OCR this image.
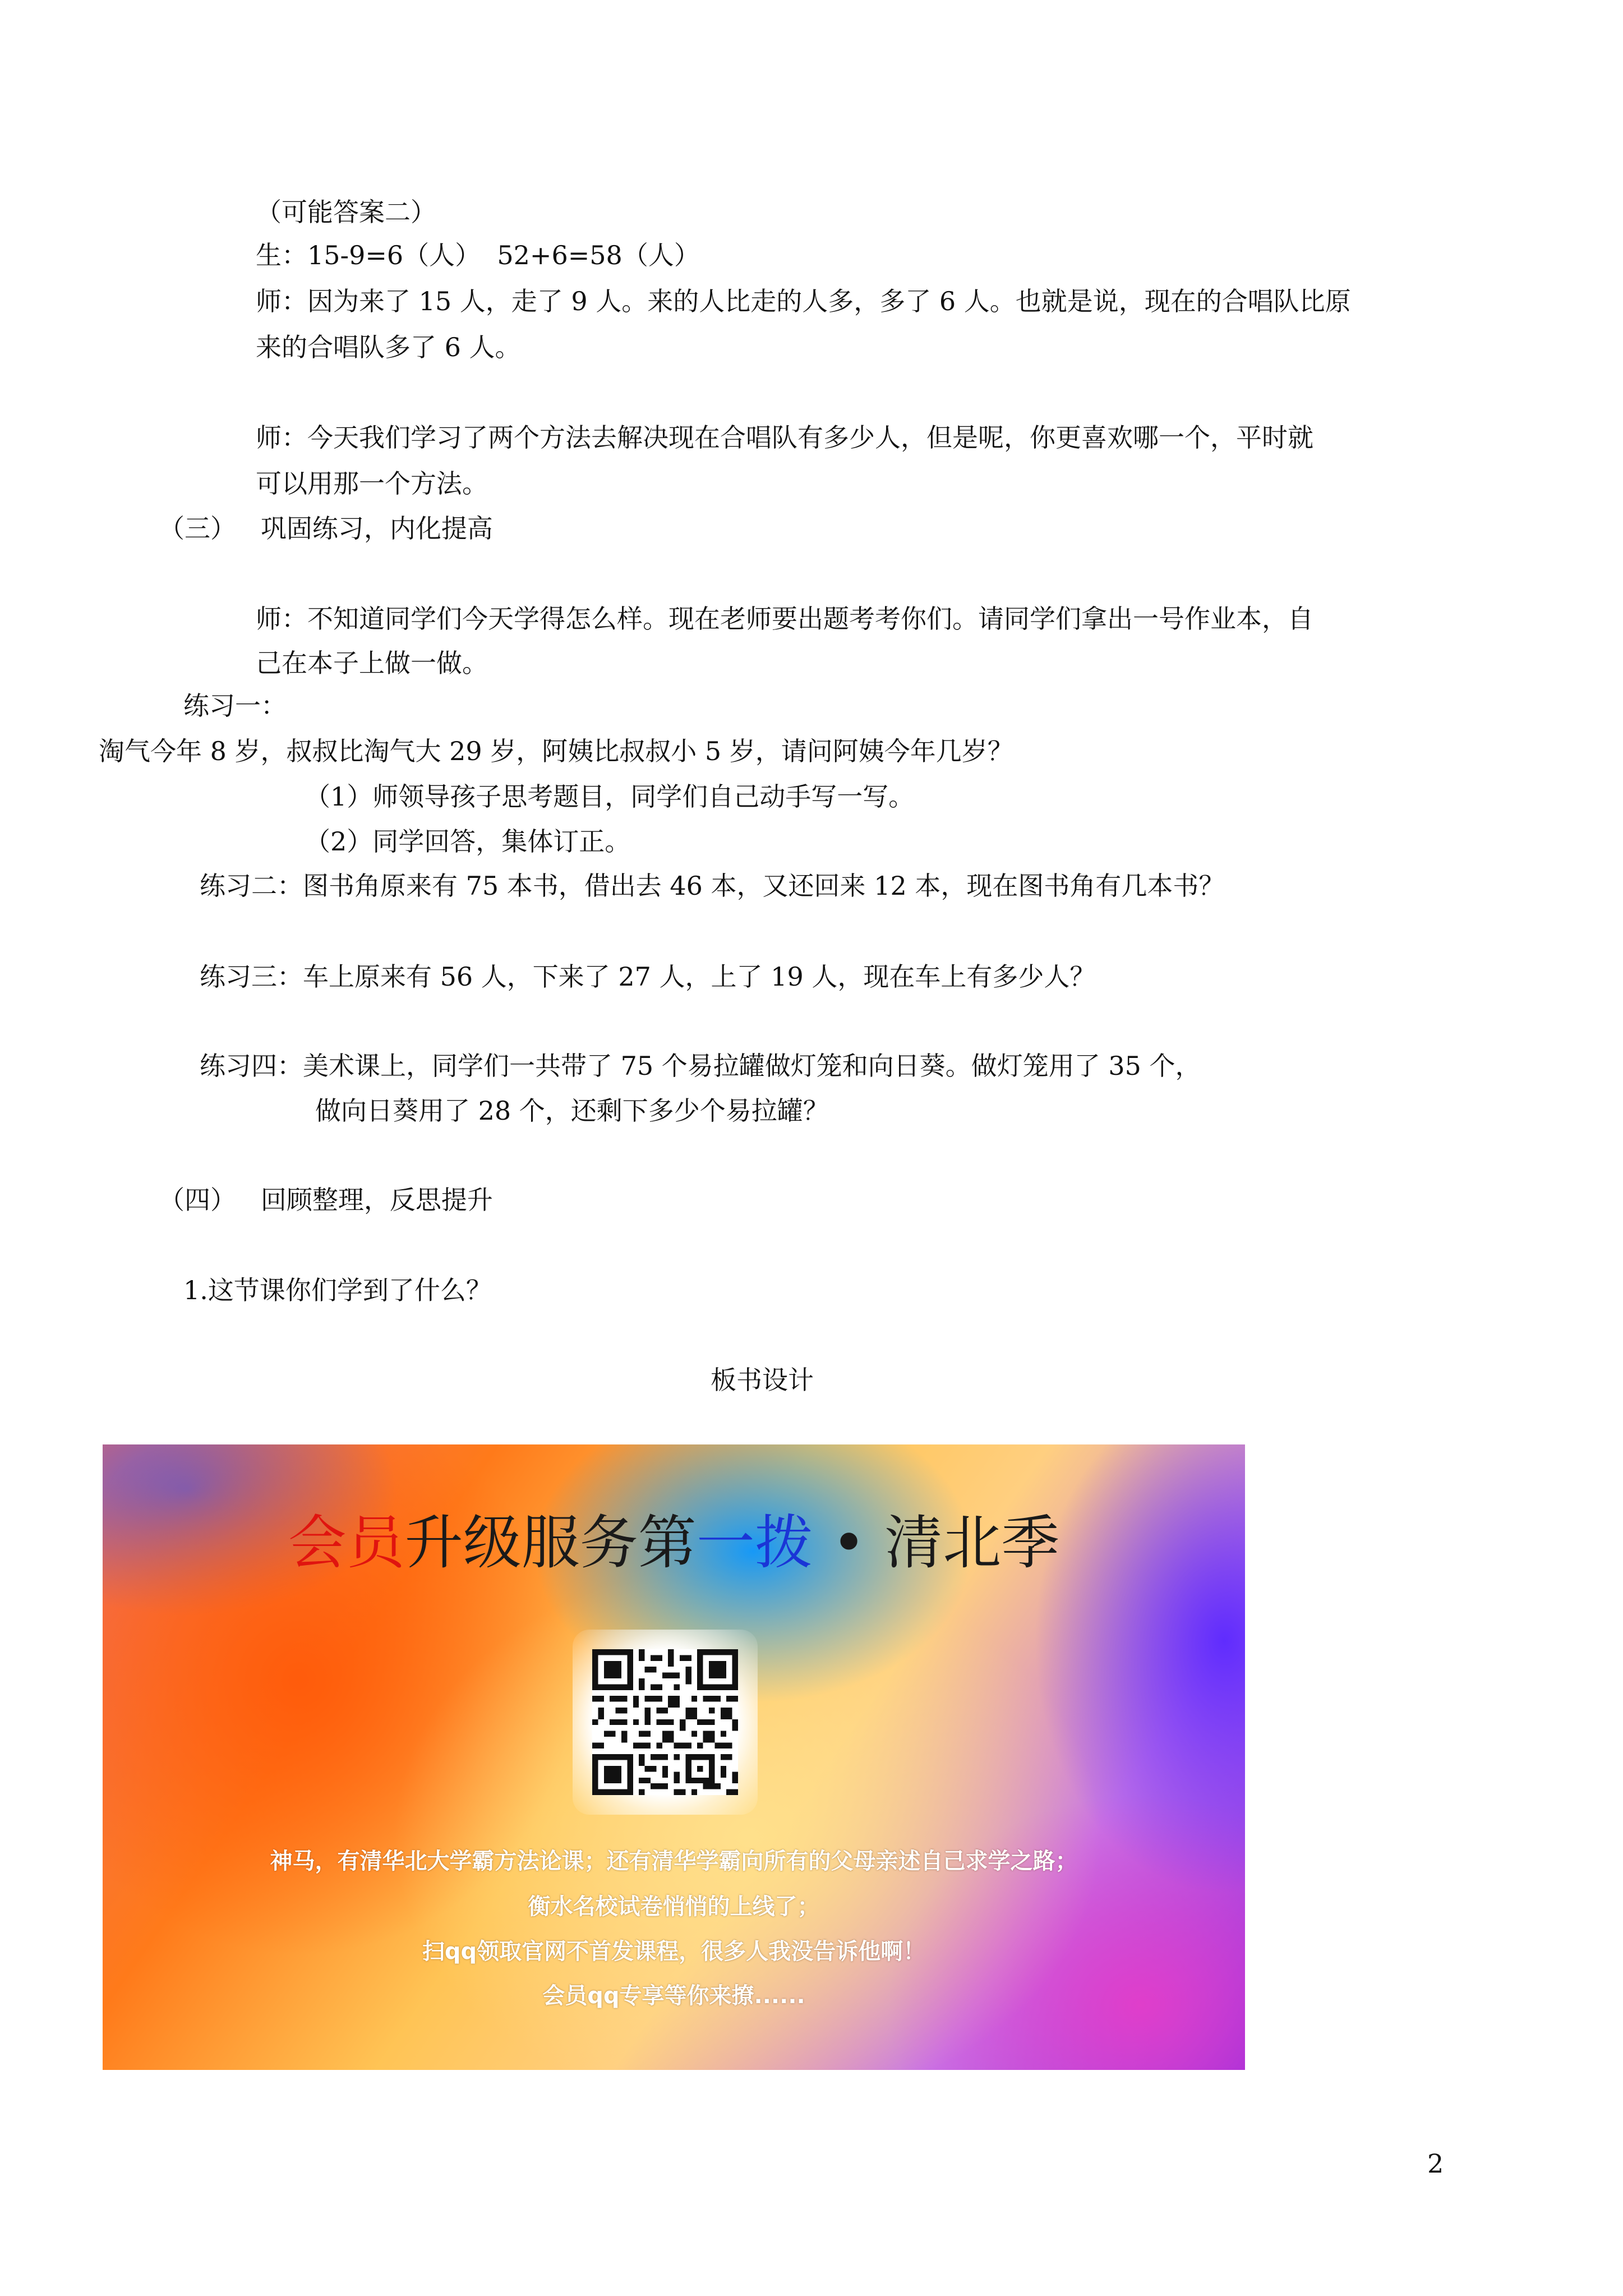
（可能答案二）
生：15-9=6（人）  52+6=58（人）
师：因为来了 15 人，走了 9 人。来的人比走的人多，多了 6 人。也就是说，现在的合唱队比原
来的合唱队多了 6 人。
师：今天我们学习了两个方法去解决现在合唱队有多少人，但是呢，你更喜欢哪一个，平时就
可以用那一个方法。
（三）   巩固练习，内化提高
师：不知道同学们今天学得怎么样。现在老师要出题考考你们。请同学们拿出一号作业本，自
己在本子上做一做。
练习一：
淘气今年 8 岁，叔叔比淘气大 29 岁，阿姨比叔叔小 5 岁，请问阿姨今年几岁？
（1）师领导孩子思考题目，同学们自己动手写一写。
（2）同学回答，集体订正。
练习二：图书角原来有 75 本书，借出去 46 本，又还回来 12 本，现在图书角有几本书？
练习三：车上原来有 56 人，下来了 27 人，上了 19 人，现在车上有多少人？
练习四：美术课上，同学们一共带了 75 个易拉罐做灯笼和向日葵。做灯笼用了 35 个，
做向日葵用了 28 个，还剩下多少个易拉罐？
（四）   回顾整理，反思提升
1.这节课你们学到了什么？
板书设计
会员升级服务第一拨 • 清北季
神马，有清华北大学霸方法论课；还有清华学霸向所有的父母亲述自己求学之路；
衡水名校试卷悄悄的上线了；
扫qq领取官网不首发课程，很多人我没告诉他啊！
会员qq专享等你来撩......
2
